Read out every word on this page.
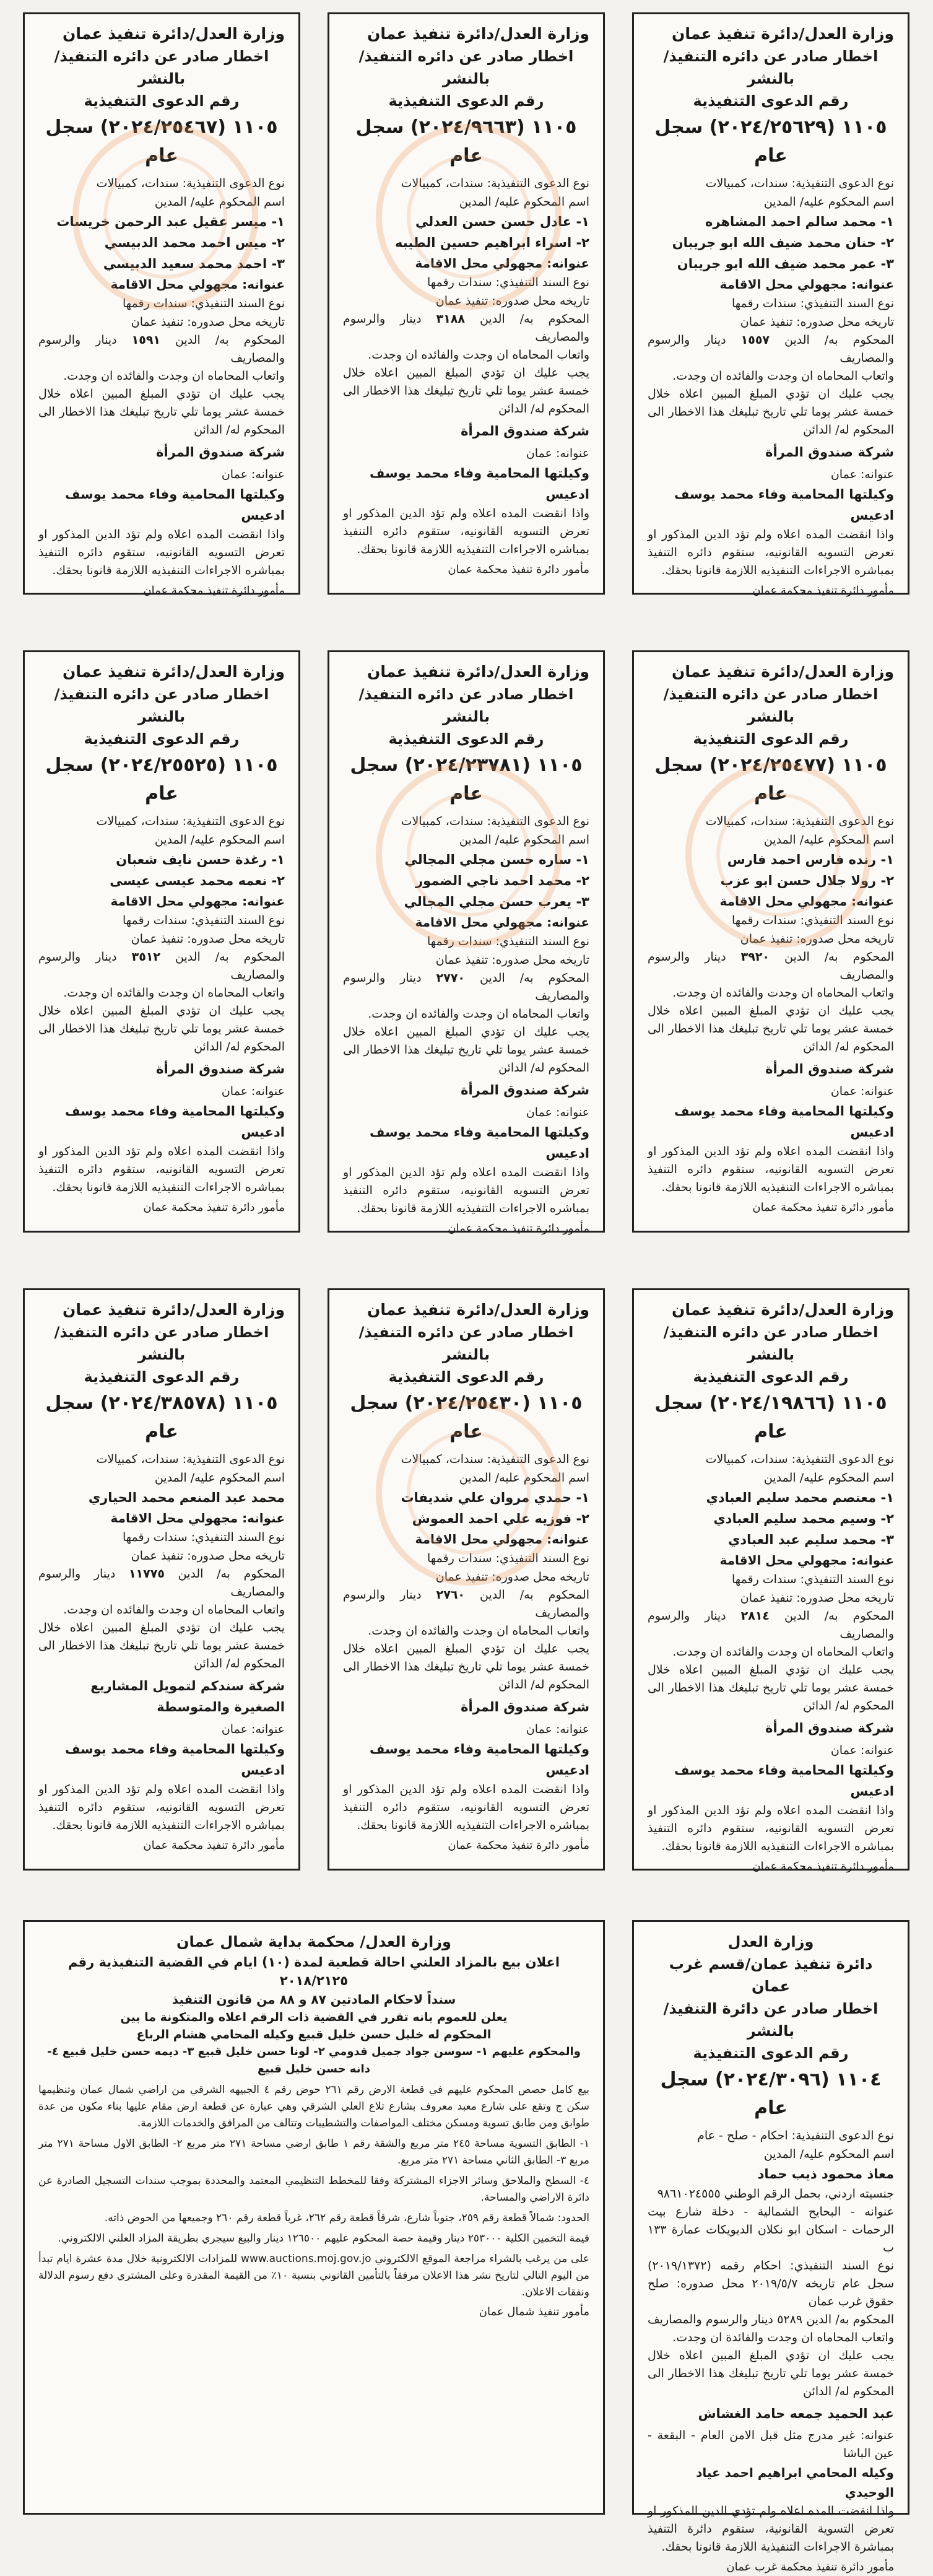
وزارة العدل/دائرة تنفيذ عمان

اخطار صادر عن دائره التنفيذ/ بالنشر

رقم الدعوى التنفيذية

١١٠٥ (٢٠٢٤/٢٥٦٢٩) سجل عام

نوع الدعوى التنفيذية: سندات، كمبيالات

اسم المحكوم عليه/ المدين

١- محمد سالم احمد المشاهره

٢- حنان محمد ضيف الله ابو جريبان

٣- عمر محمد ضيف الله ابو جريبان

عنوانه: مجهولي محل الاقامة

نوع السند التنفيذي: سندات رقمها

تاريخه محل صدوره: تنفيذ عمان

المحكوم به/ الدين ١٥٥٧ دينار والرسوم والمصاريف

واتعاب المحاماه ان وجدت والفائده ان وجدت.

يجب عليك ان تؤدي المبلغ المبين اعلاه خلال خمسة عشر يوما تلي تاريخ تبليغك هذا الاخطار الى المحكوم له/ الدائن

شركة صندوق المرأة

عنوانه: عمان

وكيلتها المحامية وفاء محمد يوسف ادعيس

واذا انقضت المده اعلاه ولم تؤد الدين المذكور او تعرض التسويه القانونيه، ستقوم دائره التنفيذ بمباشره الاجراءات التنفيذيه اللازمة قانونا بحقك.

مأمور دائرة تنفيذ محكمة عمان

وزارة العدل/دائرة تنفيذ عمان

اخطار صادر عن دائره التنفيذ/ بالنشر

رقم الدعوى التنفيذية

١١٠٥ (٢٠٢٤/٩٦٦٣) سجل عام

نوع الدعوى التنفيذية: سندات، كمبيالات

اسم المحكوم عليه/ المدين

١- عادل حسن حسن العدلي

٢- اسراء ابراهيم حسين الطيبه

عنوانه: مجهولي محل الاقامة

نوع السند التنفيذي: سندات رقمها

تاريخه محل صدوره: تنفيذ عمان

المحكوم به/ الدين ٣١٨٨ دينار والرسوم والمصاريف

واتعاب المحاماه ان وجدت والفائده ان وجدت.

يجب عليك ان تؤدي المبلغ المبين اعلاه خلال خمسة عشر يوما تلي تاريخ تبليغك هذا الاخطار الى المحكوم له/ الدائن

شركة صندوق المرأة

عنوانه: عمان

وكيلتها المحامية وفاء محمد يوسف ادعيس

واذا انقضت المده اعلاه ولم تؤد الدين المذكور او تعرض التسويه القانونيه، ستقوم دائره التنفيذ بمباشره الاجراءات التنفيذيه اللازمة قانونا بحقك.

مأمور دائرة تنفيذ محكمة عمان

وزارة العدل/دائرة تنفيذ عمان

اخطار صادر عن دائره التنفيذ/ بالنشر

رقم الدعوى التنفيذية

١١٠٥ (٢٠٢٤/٢٥٤٦٧) سجل عام

نوع الدعوى التنفيذية: سندات، كمبيالات

اسم المحكوم عليه/ المدين

١- ميسر عقيل عبد الرحمن خريسات

٢- ميس احمد محمد الدبيسي

٣- احمد محمد سعيد الدبيسي

عنوانه: مجهولي محل الاقامة

نوع السند التنفيذي: سندات رقمها

تاريخه محل صدوره: تنفيذ عمان

المحكوم به/ الدين ١٥٩١ دينار والرسوم والمصاريف

واتعاب المحاماه ان وجدت والفائده ان وجدت.

يجب عليك ان تؤدي المبلغ المبين اعلاه خلال خمسة عشر يوما تلي تاريخ تبليغك هذا الاخطار الى المحكوم له/ الدائن

شركة صندوق المرأة

عنوانه: عمان

وكيلتها المحامية وفاء محمد يوسف ادعيس

واذا انقضت المده اعلاه ولم تؤد الدين المذكور او تعرض التسويه القانونيه، ستقوم دائره التنفيذ بمباشره الاجراءات التنفيذيه اللازمة قانونا بحقك.

مأمور دائرة تنفيذ محكمة عمان

وزارة العدل/دائرة تنفيذ عمان

اخطار صادر عن دائره التنفيذ/ بالنشر

رقم الدعوى التنفيذية

١١٠٥ (٢٠٢٤/٢٥٤٧٧) سجل عام

نوع الدعوى التنفيذية: سندات، كمبيالات

اسم المحكوم عليه/ المدين

١- رنده فارس احمد فارس

٢- رولا جلال حسن ابو عزب

عنوانه: مجهولي محل الاقامة

نوع السند التنفيذي: سندات رقمها

تاريخه محل صدوره: تنفيذ عمان

المحكوم به/ الدين ٣٩٢٠ دينار والرسوم والمصاريف

واتعاب المحاماه ان وجدت والفائده ان وجدت.

يجب عليك ان تؤدي المبلغ المبين اعلاه خلال خمسة عشر يوما تلي تاريخ تبليغك هذا الاخطار الى المحكوم له/ الدائن

شركة صندوق المرأة

عنوانه: عمان

وكيلتها المحامية وفاء محمد يوسف ادعيس

واذا انقضت المده اعلاه ولم تؤد الدين المذكور او تعرض التسويه القانونيه، ستقوم دائره التنفيذ بمباشره الاجراءات التنفيذيه اللازمة قانونا بحقك.

مأمور دائرة تنفيذ محكمة عمان

وزارة العدل/دائرة تنفيذ عمان

اخطار صادر عن دائره التنفيذ/ بالنشر

رقم الدعوى التنفيذية

١١٠٥ (٢٠٢٤/٢٣٧٨١) سجل عام

نوع الدعوى التنفيذية: سندات، كمبيالات

اسم المحكوم عليه/ المدين

١- ساره حسن مجلي المجالي

٢- محمد احمد ناجي الضمور

٣- يعرب حسن مجلي المجالي

عنوانه: مجهولي محل الاقامة

نوع السند التنفيذي: سندات رقمها

تاريخه محل صدوره: تنفيذ عمان

المحكوم به/ الدين ٢٧٧٠ دينار والرسوم والمصاريف

واتعاب المحاماه ان وجدت والفائده ان وجدت.

يجب عليك ان تؤدي المبلغ المبين اعلاه خلال خمسة عشر يوما تلي تاريخ تبليغك هذا الاخطار الى المحكوم له/ الدائن

شركة صندوق المرأة

عنوانه: عمان

وكيلتها المحامية وفاء محمد يوسف ادعيس

واذا انقضت المده اعلاه ولم تؤد الدين المذكور او تعرض التسويه القانونيه، ستقوم دائره التنفيذ بمباشره الاجراءات التنفيذيه اللازمة قانونا بحقك.

مأمور دائرة تنفيذ محكمة عمان

وزارة العدل/دائرة تنفيذ عمان

اخطار صادر عن دائره التنفيذ/ بالنشر

رقم الدعوى التنفيذية

١١٠٥ (٢٠٢٤/٢٥٥٢٥) سجل عام

نوع الدعوى التنفيذية: سندات، كمبيالات

اسم المحكوم عليه/ المدين

١- رغدة حسن نايف شعبان

٢- نعمه محمد عيسى عيسى

عنوانه: مجهولي محل الاقامة

نوع السند التنفيذي: سندات رقمها

تاريخه محل صدوره: تنفيذ عمان

المحكوم به/ الدين ٣٥١٢ دينار والرسوم والمصاريف

واتعاب المحاماه ان وجدت والفائده ان وجدت.

يجب عليك ان تؤدي المبلغ المبين اعلاه خلال خمسة عشر يوما تلي تاريخ تبليغك هذا الاخطار الى المحكوم له/ الدائن

شركة صندوق المرأة

عنوانه: عمان

وكيلتها المحامية وفاء محمد يوسف ادعيس

واذا انقضت المده اعلاه ولم تؤد الدين المذكور او تعرض التسويه القانونيه، ستقوم دائره التنفيذ بمباشره الاجراءات التنفيذيه اللازمة قانونا بحقك.

مأمور دائرة تنفيذ محكمة عمان

وزارة العدل/دائرة تنفيذ عمان

اخطار صادر عن دائره التنفيذ/ بالنشر

رقم الدعوى التنفيذية

١١٠٥ (٢٠٢٤/١٩٨٦٦) سجل عام

نوع الدعوى التنفيذية: سندات، كمبيالات

اسم المحكوم عليه/ المدين

١- معتصم محمد سليم العبادي

٢- وسيم محمد سليم العبادي

٣- محمد سليم عبد العبادي

عنوانه: مجهولي محل الاقامة

نوع السند التنفيذي: سندات رقمها

تاريخه محل صدوره: تنفيذ عمان

المحكوم به/ الدين ٢٨١٤ دينار والرسوم والمصاريف

واتعاب المحاماه ان وجدت والفائده ان وجدت.

يجب عليك ان تؤدي المبلغ المبين اعلاه خلال خمسة عشر يوما تلي تاريخ تبليغك هذا الاخطار الى المحكوم له/ الدائن

شركة صندوق المرأة

عنوانه: عمان

وكيلتها المحامية وفاء محمد يوسف ادعيس

واذا انقضت المده اعلاه ولم تؤد الدين المذكور او تعرض التسويه القانونيه، ستقوم دائره التنفيذ بمباشره الاجراءات التنفيذيه اللازمة قانونا بحقك.

مأمور دائرة تنفيذ محكمة عمان

وزارة العدل/دائرة تنفيذ عمان

اخطار صادر عن دائره التنفيذ/ بالنشر

رقم الدعوى التنفيذية

١١٠٥ (٢٠٢٤/٢٥٤٣٠) سجل عام

نوع الدعوى التنفيذية: سندات، كمبيالات

اسم المحكوم عليه/ المدين

١- حمدي مروان علي شديفات

٢- فوزيه علي احمد العموش

عنوانه: مجهولي محل الاقامة

نوع السند التنفيذي: سندات رقمها

تاريخه محل صدوره: تنفيذ عمان

المحكوم به/ الدين ٢٧٦٠ دينار والرسوم والمصاريف

واتعاب المحاماه ان وجدت والفائده ان وجدت.

يجب عليك ان تؤدي المبلغ المبين اعلاه خلال خمسة عشر يوما تلي تاريخ تبليغك هذا الاخطار الى المحكوم له/ الدائن

شركة صندوق المرأة

عنوانه: عمان

وكيلتها المحامية وفاء محمد يوسف ادعيس

واذا انقضت المده اعلاه ولم تؤد الدين المذكور او تعرض التسويه القانونيه، ستقوم دائره التنفيذ بمباشره الاجراءات التنفيذيه اللازمة قانونا بحقك.

مأمور دائرة تنفيذ محكمة عمان

وزارة العدل/دائرة تنفيذ عمان

اخطار صادر عن دائره التنفيذ/ بالنشر

رقم الدعوى التنفيذية

١١٠٥ (٢٠٢٤/٣٨٥٧٨) سجل عام

نوع الدعوى التنفيذية: سندات، كمبيالات

اسم المحكوم عليه/ المدين

محمد عبد المنعم محمد الحياري

عنوانه: مجهولي محل الاقامة

نوع السند التنفيذي: سندات رقمها

تاريخه محل صدوره: تنفيذ عمان

المحكوم به/ الدين ١١٧٧٥ دينار والرسوم والمصاريف

واتعاب المحاماه ان وجدت والفائده ان وجدت.

يجب عليك ان تؤدي المبلغ المبين اعلاه خلال خمسة عشر يوما تلي تاريخ تبليغك هذا الاخطار الى المحكوم له/ الدائن

شركة سندكم لتمويل المشاريع الصغيرة والمتوسطة

عنوانه: عمان

وكيلتها المحامية وفاء محمد يوسف ادعيس

واذا انقضت المده اعلاه ولم تؤد الدين المذكور او تعرض التسويه القانونيه، ستقوم دائره التنفيذ بمباشره الاجراءات التنفيذيه اللازمة قانونا بحقك.

مأمور دائرة تنفيذ محكمة عمان

وزارة العدل

دائرة تنفيذ عمان/قسم غرب عمان

اخطار صادر عن دائرة التنفيذ/ بالنشر

رقم الدعوى التنفيذية

١١٠٤ (٢٠٢٤/٣٠٩٦) سجل عام

نوع الدعوى التنفيذية: احكام - صلح - عام

اسم المحكوم عليه/ المدين

معاذ محمود ذيب حماد

جنسيته اردني، بحمل الرقم الوطني ٩٨٦١٠٢٤٥٥٥

عنوانه - البحايح الشمالية - دخلة شارع بيت الرحمات - اسكان ابو نكلان الديويكات عمارة ١٣٣ ب

نوع السند التنفيذي: احكام رقمه (٢٠١٩/١٣٧٢) سجل عام تاريخه ٢٠١٩/٥/٧ محل صدوره: صلح حقوق غرب عمان

المحكوم به/ الدين ٥٢٨٩ دينار والرسوم والمصاريف واتعاب المحاماه ان وجدت والفائدة ان وجدت.

يجب عليك ان تؤدي المبلغ المبين اعلاه خلال خمسة عشر يوما تلي تاريخ تبليغك هذا الاخطار الى المحكوم له/ الدائن

عبد الحميد جمعه حامد الغشاش

عنوانه: غير مدرج مثل قبل الامن العام - البقعة - عين الباشا

وكيله المحامي ابراهيم احمد عياد الوحيدي

واذا انقضت المده اعلاه ولم تؤدي الدين المذكور او تعرض التسوية القانونية، ستقوم دائرة التنفيذ بمباشرة الاجراءات التنفيذية اللازمة قانونا بحقك.

مأمور دائرة تنفيذ محكمة غرب عمان

وزارة العدل/ محكمة بداية شمال عمان

اعلان بيع بالمزاد العلني احالة قطعية لمدة (١٠) ايام في القضية التنفيذية رقم ٢٠١٨/٢١٢٥

سنداً لاحكام المادتين ٨٧ و ٨٨ من قانون التنفيذ

يعلن للعموم بانه تقرر في القضية ذات الرقم اعلاه والمتكونة ما بين

المحكوم له خليل حسن خليل قبيع وكيله المحامي هشام الرباع

والمحكوم عليهم ١- سوسن جواد جميل قدومي ٢- لونا حسن خليل قبيع ٣- ديمه حسن خليل قبيع ٤- دانه حسن خليل قبيع

بيع كامل حصص المحكوم عليهم في قطعة الارض رقم ٢٦١ حوض رقم ٤ الجبيهه الشرقي من اراضي شمال عمان وتنظيمها سكن ج وتقع على شارع معبد معروف بشارع تلاع العلي الشرقي وهي عبارة عن قطعة ارض مقام عليها بناء مكون من عدة طوابق ومن طابق تسوية ومسكن مختلف المواصفات والتشطيبات وتتالف من المرافق والخدمات اللازمة.

١- الطابق التسوية مساحة ٢٤٥ متر مربع والشقة رقم ١ طابق ارضي مساحة ٢٧١ متر مربع ٢- الطابق الاول مساحة ٢٧١ متر مربع ٣- الطابق الثاني مساحة ٢٧١ متر مربع.

٤- السطح والملاحق وسائر الاجزاء المشتركة وفقا للمخطط التنظيمي المعتمد والمحددة بموجب سندات التسجيل الصادرة عن دائرة الاراضي والمساحة.

الحدود: شمالاً قطعة رقم ٢٥٩، جنوباً شارع، شرقاً قطعة رقم ٢٦٢، غرباً قطعة رقم ٢٦٠ وجميعها من الحوض ذاته.

قيمة التخمين الكلية ٢٥٣٠٠٠ دينار وقيمة حصة المحكوم عليهم ١٢٦٥٠٠ دينار والبيع سيجري بطريقة المزاد العلني الالكتروني.

على من يرغب بالشراء مراجعة الموقع الالكتروني www.auctions.moj.gov.jo للمزادات الالكترونية خلال مدة عشرة ايام تبدأ من اليوم التالي لتاريخ نشر هذا الاعلان مرفقاً بالتأمين القانوني بنسبة ١٠٪ من القيمة المقدرة وعلى المشتري دفع رسوم الدلالة ونفقات الاعلان.

مأمور تنفيذ شمال عمان
